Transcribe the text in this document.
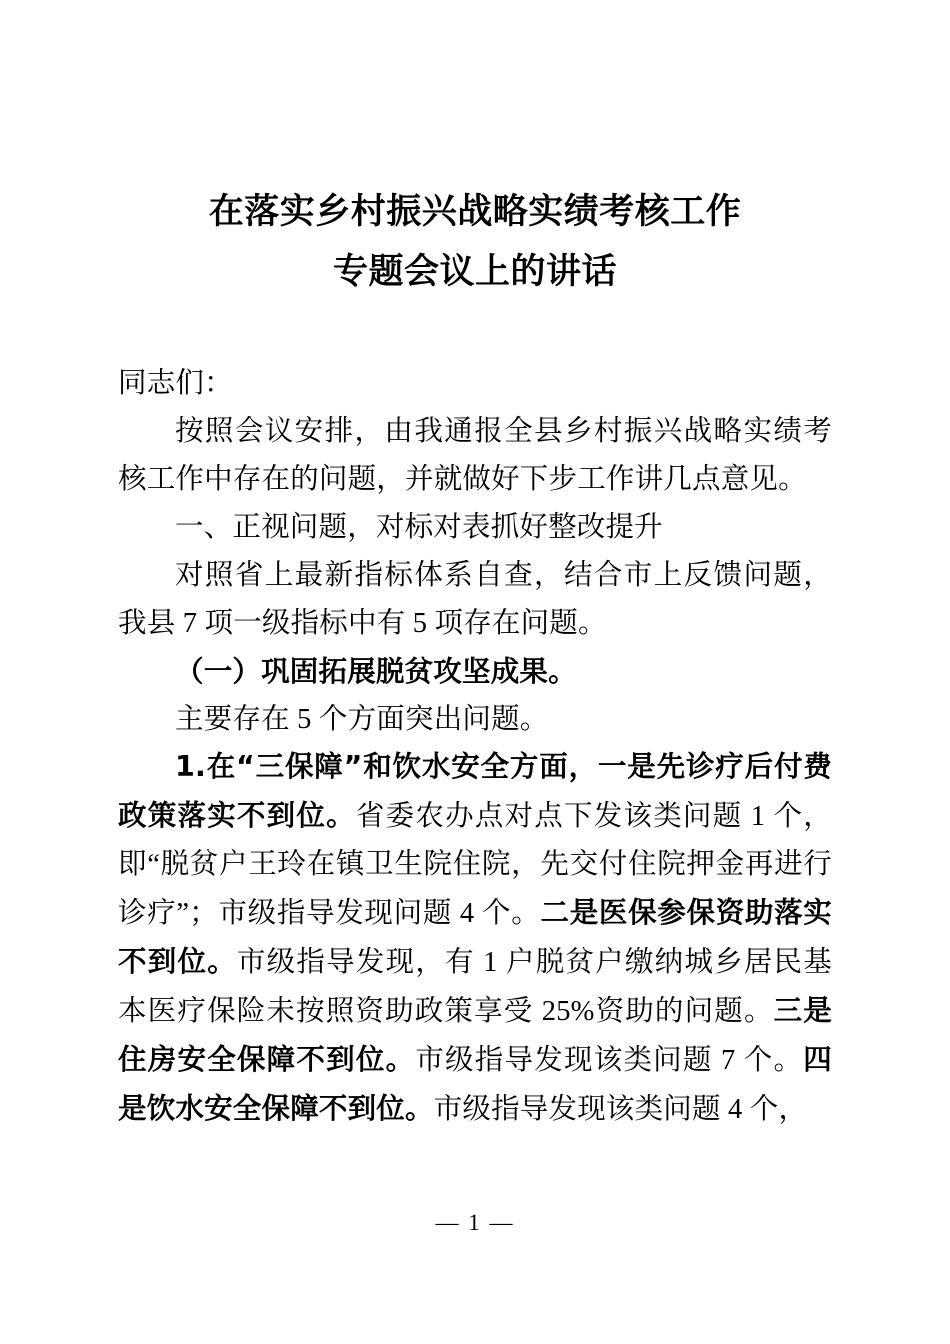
在落实乡村振兴战略实绩考核工作
专题会议上的讲话

同志们：

按照会议安排，由我通报全县乡村振兴战略实绩考核工作中存在的问题，并就做好下步工作讲几点意见。

一、正视问题，对标对表抓好整改提升

对照省上最新指标体系自查，结合市上反馈问题，我县 7 项一级指标中有 5 项存在问题。

（一）巩固拓展脱贫攻坚成果。

主要存在 5 个方面突出问题。

1.在“三保障”和饮水安全方面，一是先诊疗后付费政策落实不到位。省委农办点对点下发该类问题 1 个，即“脱贫户王玲在镇卫生院住院，先交付住院押金再进行诊疗”；市级指导发现问题 4 个。二是医保参保资助落实不到位。市级指导发现，有 1 户脱贫户缴纳城乡居民基本医疗保险未按照资助政策享受 25%资助的问题。三是住房安全保障不到位。市级指导发现该类问题 7 个。四是饮水安全保障不到位。市级指导发现该类问题 4 个，

— 1 —
